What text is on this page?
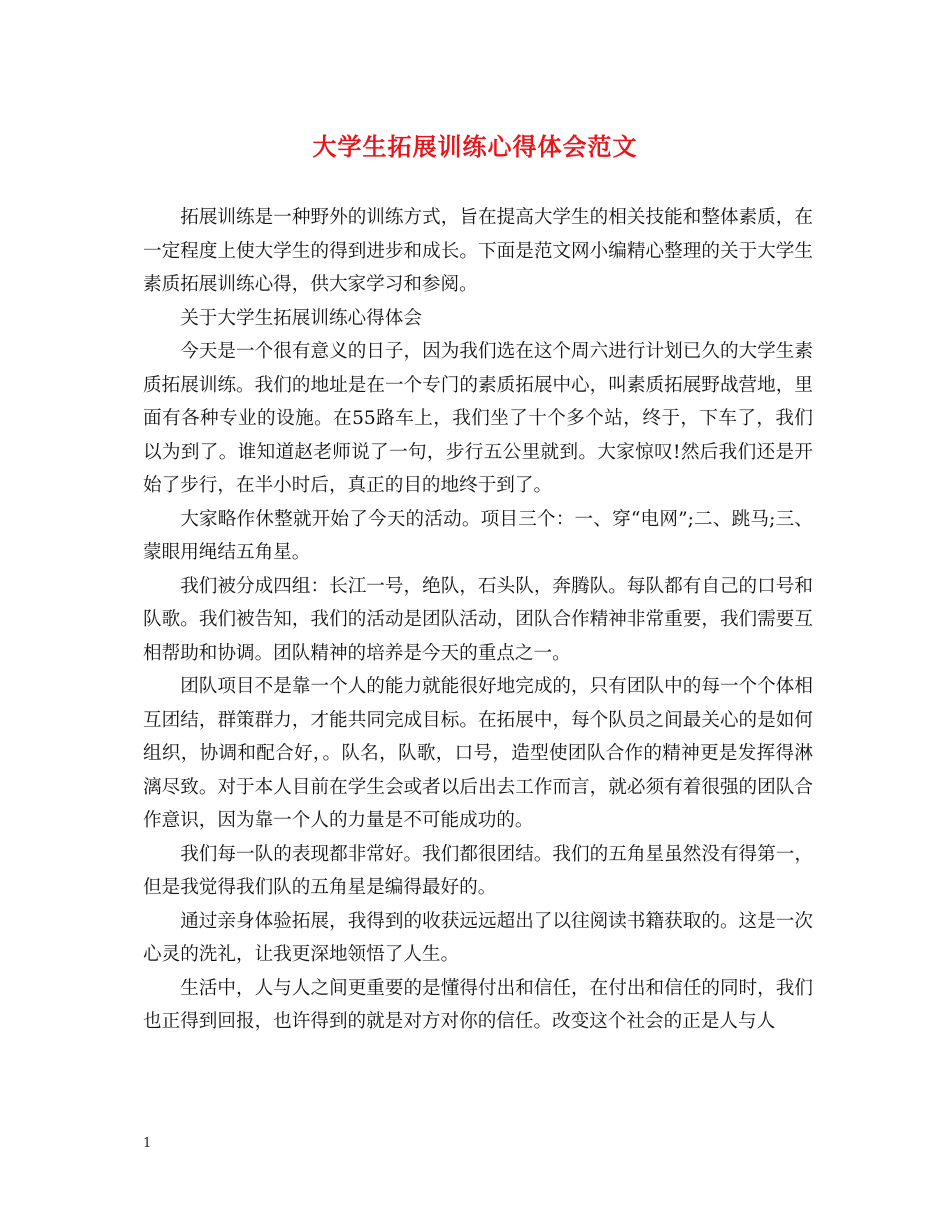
大学生拓展训练心得体会范文

拓展训练是一种野外的训练方式，旨在提高大学生的相关技能和整体素质，在一定程度上使大学生的得到进步和成长。下面是范文网小编精心整理的关于大学生素质拓展训练心得，供大家学习和参阅。

关于大学生拓展训练心得体会

今天是一个很有意义的日子，因为我们选在这个周六进行计划已久的大学生素质拓展训练。我们的地址是在一个专门的素质拓展中心，叫素质拓展野战营地，里面有各种专业的设施。在55路车上，我们坐了十个多个站，终于，下车了，我们以为到了。谁知道赵老师说了一句，步行五公里就到。大家惊叹!然后我们还是开始了步行，在半小时后，真正的目的地终于到了。

大家略作休整就开始了今天的活动。项目三个：一、穿“电网”;二、跳马;三、蒙眼用绳结五角星。

我们被分成四组：长江一号，绝队，石头队，奔腾队。每队都有自己的口号和队歌。我们被告知，我们的活动是团队活动，团队合作精神非常重要，我们需要互相帮助和协调。团队精神的培养是今天的重点之一。

团队项目不是靠一个人的能力就能很好地完成的，只有团队中的每一个个体相互团结，群策群力，才能共同完成目标。在拓展中，每个队员之间最关心的是如何组织，协调和配合好，。队名，队歌，口号，造型使团队合作的精神更是发挥得淋漓尽致。对于本人目前在学生会或者以后出去工作而言，就必须有着很强的团队合作意识，因为靠一个人的力量是不可能成功的。

我们每一队的表现都非常好。我们都很团结。我们的五角星虽然没有得第一，但是我觉得我们队的五角星是编得最好的。

通过亲身体验拓展，我得到的收获远远超出了以往阅读书籍获取的。这是一次心灵的洗礼，让我更深地领悟了人生。

生活中，人与人之间更重要的是懂得付出和信任，在付出和信任的同时，我们也正得到回报，也许得到的就是对方对你的信任。改变这个社会的正是人与人

1
